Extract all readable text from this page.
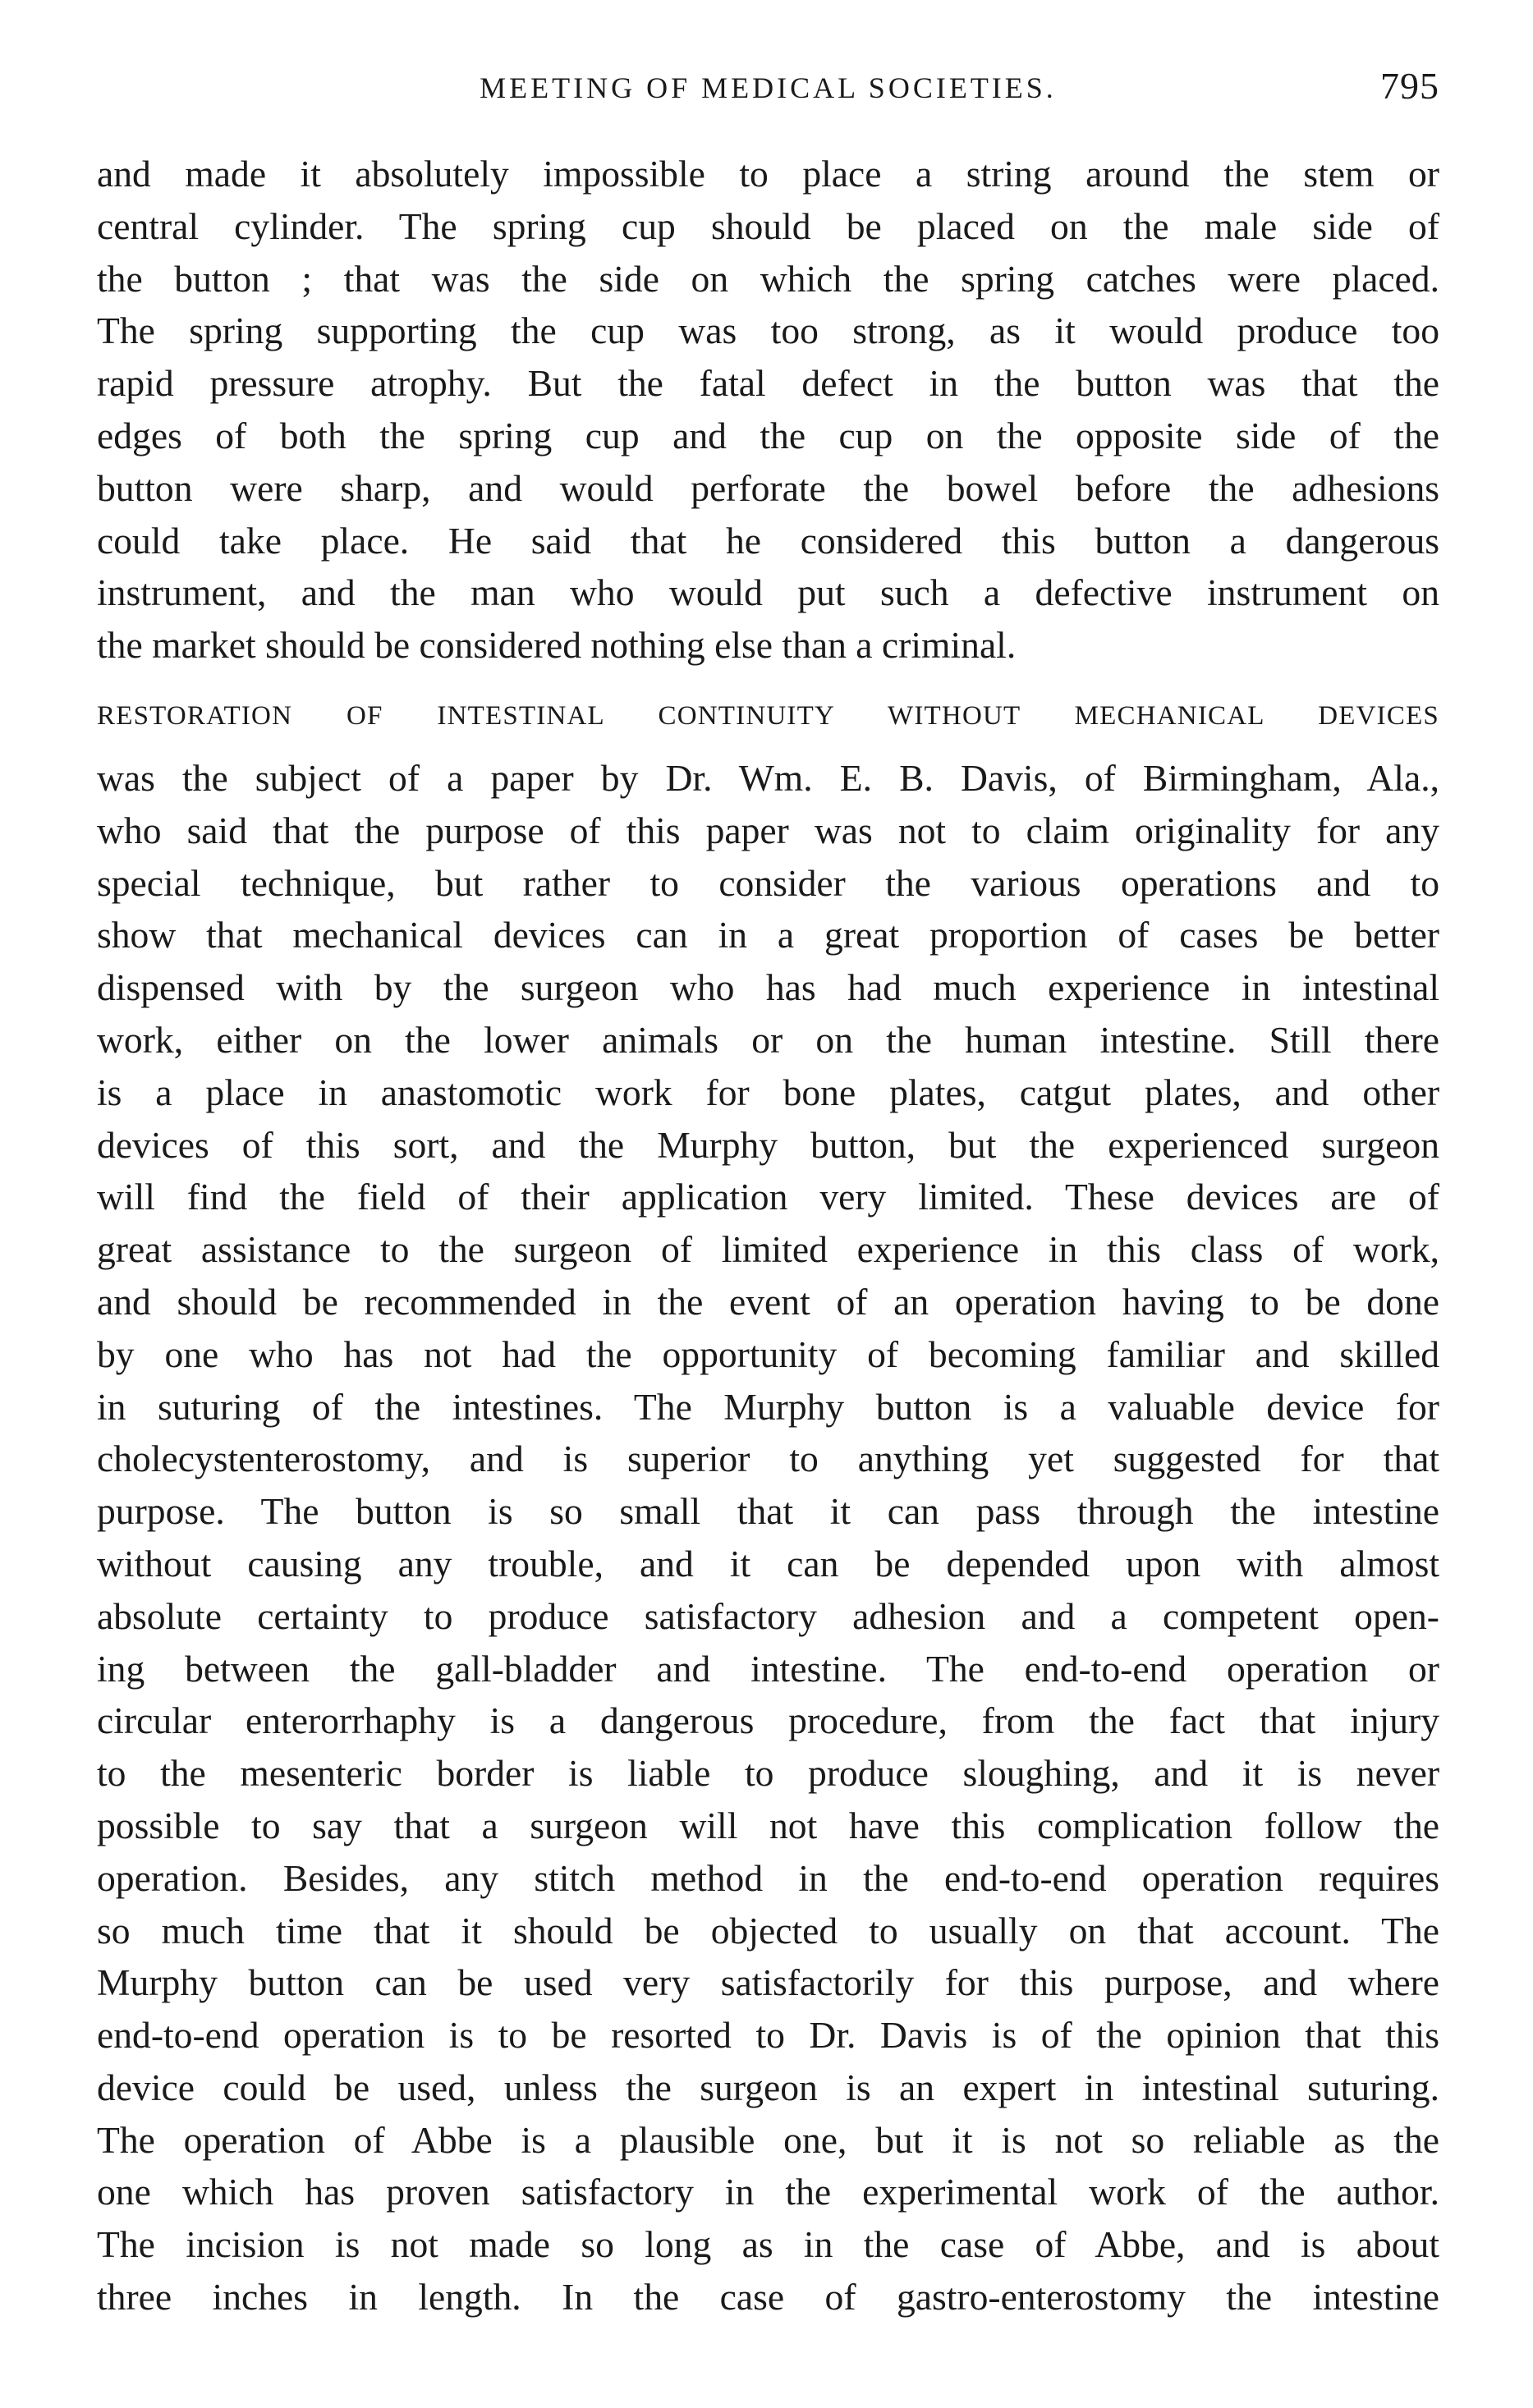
MEETING OF MEDICAL SOCIETIES.	795
and made it absolutely impossible to place a string around the stem or
central cylinder. The spring cup should be placed on the male side of
the button ; that was the side on which the spring catches were placed.
The spring supporting the cup was too strong, as it would produce too
rapid pressure atrophy. But the fatal defect in the button was that the
edges of both the spring cup and the cup on the opposite side of the
button were sharp, and would perforate the bowel before the adhesions
could take place. He said that he considered this button a dangerous
instrument, and the man who would put such a defective instrument on
the market should be considered nothing else than a criminal.
RESTORATION OF INTESTINAL CONTINUITY WITHOUT MECHANICAL DEVICES
was the subject of a paper by Dr. Wm. E. B. Davis, of Birmingham, Ala.,
who said that the purpose of this paper was not to claim originality for any
special technique, but rather to consider the various operations and to
show that mechanical devices can in a great proportion of cases be better
dispensed with by the surgeon who has had much experience in intestinal
work, either on the lower animals or on the human intestine. Still there
is a place in anastomotic work for bone plates, catgut plates, and other
devices of this sort, and the Murphy button, but the experienced surgeon
will find the field of their application very limited. These devices are of
great assistance to the surgeon of limited experience in this class of work,
and should be recommended in the event of an operation having to be done
by one who has not had the opportunity of becoming familiar and skilled
in suturing of the intestines. The Murphy button is a valuable device for
cholecystenterostomy, and is superior to anything yet suggested for that
purpose. The button is so small that it can pass through the intestine
without causing any trouble, and it can be depended upon with almost
absolute certainty to produce satisfactory adhesion and a competent open-
ing between the gall-bladder and intestine. The end-to-end operation or
circular enterorrhaphy is a dangerous procedure, from the fact that injury
to the mesenteric border is liable to produce sloughing, and it is never
possible to say that a surgeon will not have this complication follow the
operation. Besides, any stitch method in the end-to-end operation requires
so much time that it should be objected to usually on that account. The
Murphy button can be used very satisfactorily for this purpose, and where
end-to-end operation is to be resorted to Dr. Davis is of the opinion that this
device could be used, unless the surgeon is an expert in intestinal suturing.
The operation of Abbe is a plausible one, but it is not so reliable as the
one which has proven satisfactory in the experimental work of the author.
The incision is not made so long as in the case of Abbe, and is about
three inches in length. In the case of gastro-enterostomy the intestine
